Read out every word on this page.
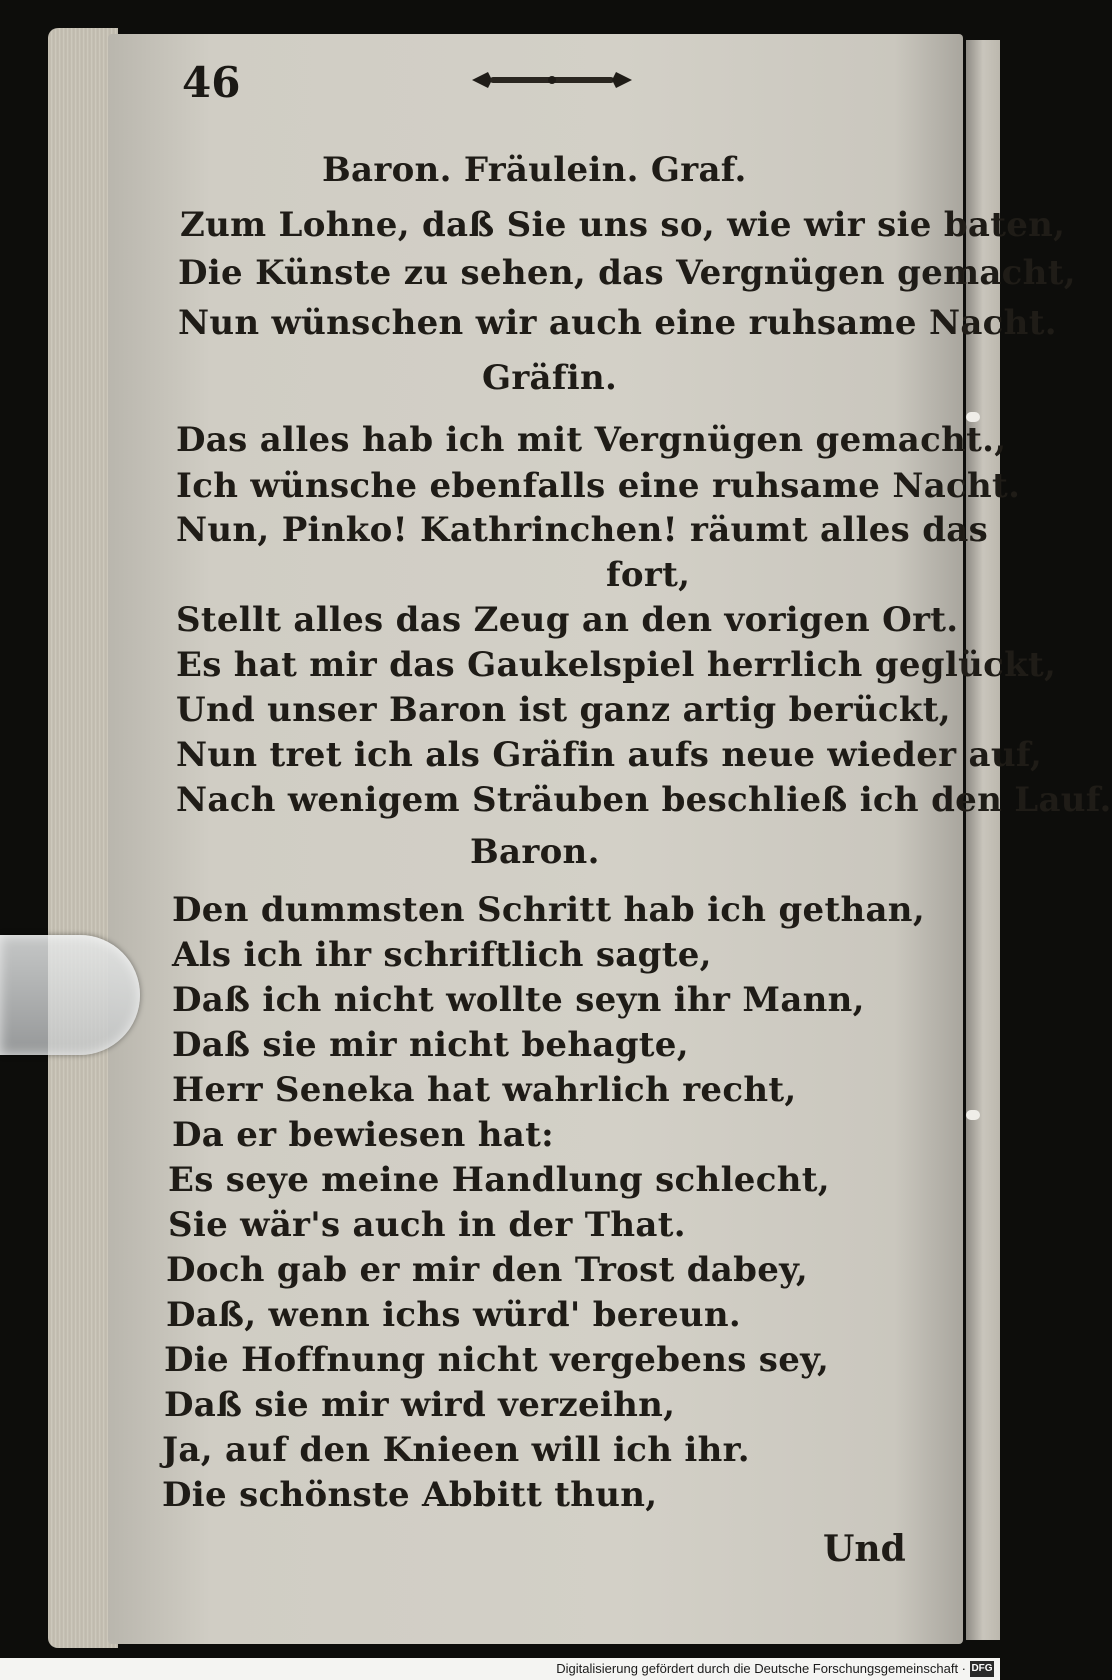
46
Baron. Fräulein. Graf.
Zum Lohne, daß Sie uns so, wie wir sie baten,
Die Künste zu sehen, das Vergnügen gemacht,
Nun wünschen wir auch eine ruhsame Nacht.
Gräfin.
Das alles hab ich mit Vergnügen gemacht.,
Ich wünsche ebenfalls eine ruhsame Nacht.
Nun, Pinko! Kathrinchen! räumt alles das
fort,
Stellt alles das Zeug an den vorigen Ort.
Es hat mir das Gaukelspiel herrlich geglückt,
Und unser Baron ist ganz artig berückt,
Nun tret ich als Gräfin aufs neue wieder auf,
Nach wenigem Sträuben beschließ ich den Lauf.
Baron.
Den dummsten Schritt hab ich gethan,
Als ich ihr schriftlich sagte,
Daß ich nicht wollte seyn ihr Mann,
Daß sie mir nicht behagte,
Herr Seneka hat wahrlich recht,
Da er bewiesen hat:
Es seye meine Handlung schlecht,
Sie wär's auch in der That.
Doch gab er mir den Trost dabey,
Daß, wenn ichs würd' bereun.
Die Hoffnung nicht vergebens sey,
Daß sie mir wird verzeihn,
Ja, auf den Knieen will ich ihr.
Die schönste Abbitt thun,
Und
Digitalisierung gefördert durch die Deutsche Forschungsgemeinschaft · DFG
